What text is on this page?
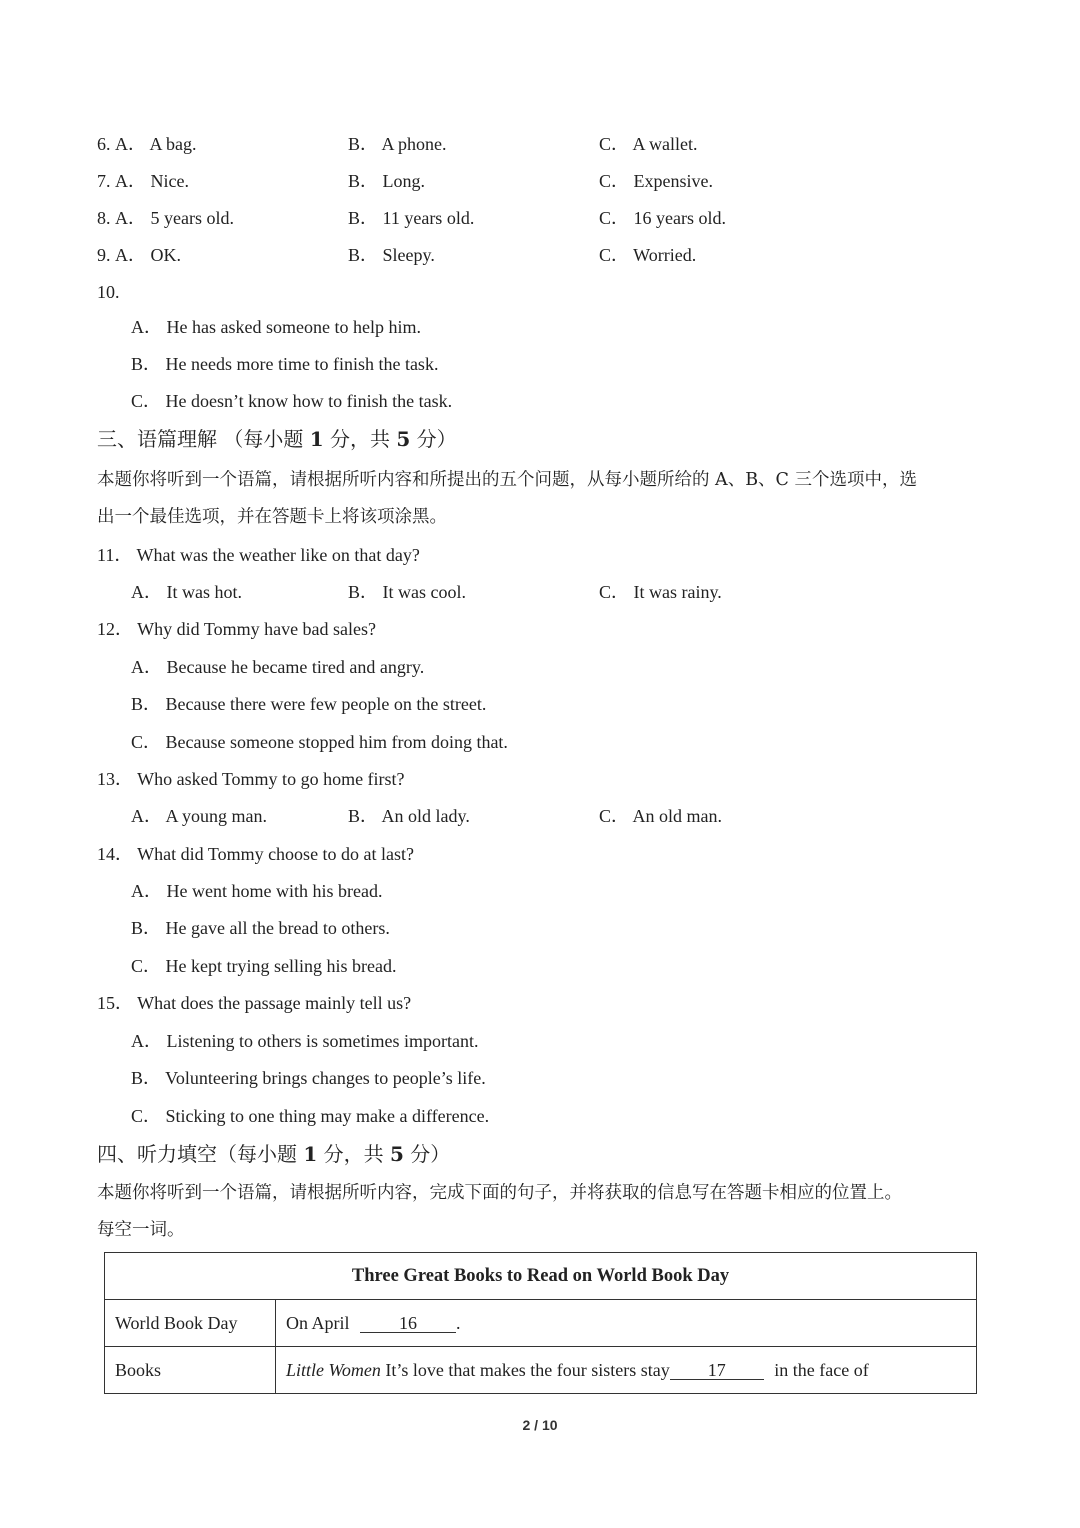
6. A． A bag.	B． A phone.	C． A wallet.
7. A． Nice.	B． Long.	C． Expensive.
8. A． 5 years old.	B． 11 years old.	C． 16 years old.
9. A． OK.	B． Sleepy.	C． Worried.
10.
A． He has asked someone to help him.
B． He needs more time to finish the task.
C． He doesn’t know how to finish the task.
三、语篇理解 （每小题 1 分，共 5 分）
本题你将听到一个语篇，请根据所听内容和所提出的五个问题，从每小题所给的 A、B、C 三个选项中，选
出一个最佳选项，并在答题卡上将该项涂黑。
11． What was the weather like on that day?
A． It was hot.	B． It was cool.	C． It was rainy.
12． Why did Tommy have bad sales?
A． Because he became tired and angry.
B． Because there were few people on the street.
C． Because someone stopped him from doing that.
13． Who asked Tommy to go home first?
A． A young man.	B． An old lady.	C． An old man.
14． What did Tommy choose to do at last?
A． He went home with his bread.
B． He gave all the bread to others.
C． He kept trying selling his bread.
15． What does the passage mainly tell us?
A． Listening to others is sometimes important.
B． Volunteering brings changes to people’s life.
C． Sticking to one thing may make a difference.
四、听力填空（每小题 1 分，共 5 分）
本题你将听到一个语篇，请根据所听内容，完成下面的句子，并将获取的信息写在答题卡相应的位置上。
每空一词。
Three Great Books to Read on World Book Day	
World Book Day	On April 16 .
Books	Little Women It’s love that makes the four sisters stay 17 in the face of
2 / 10
